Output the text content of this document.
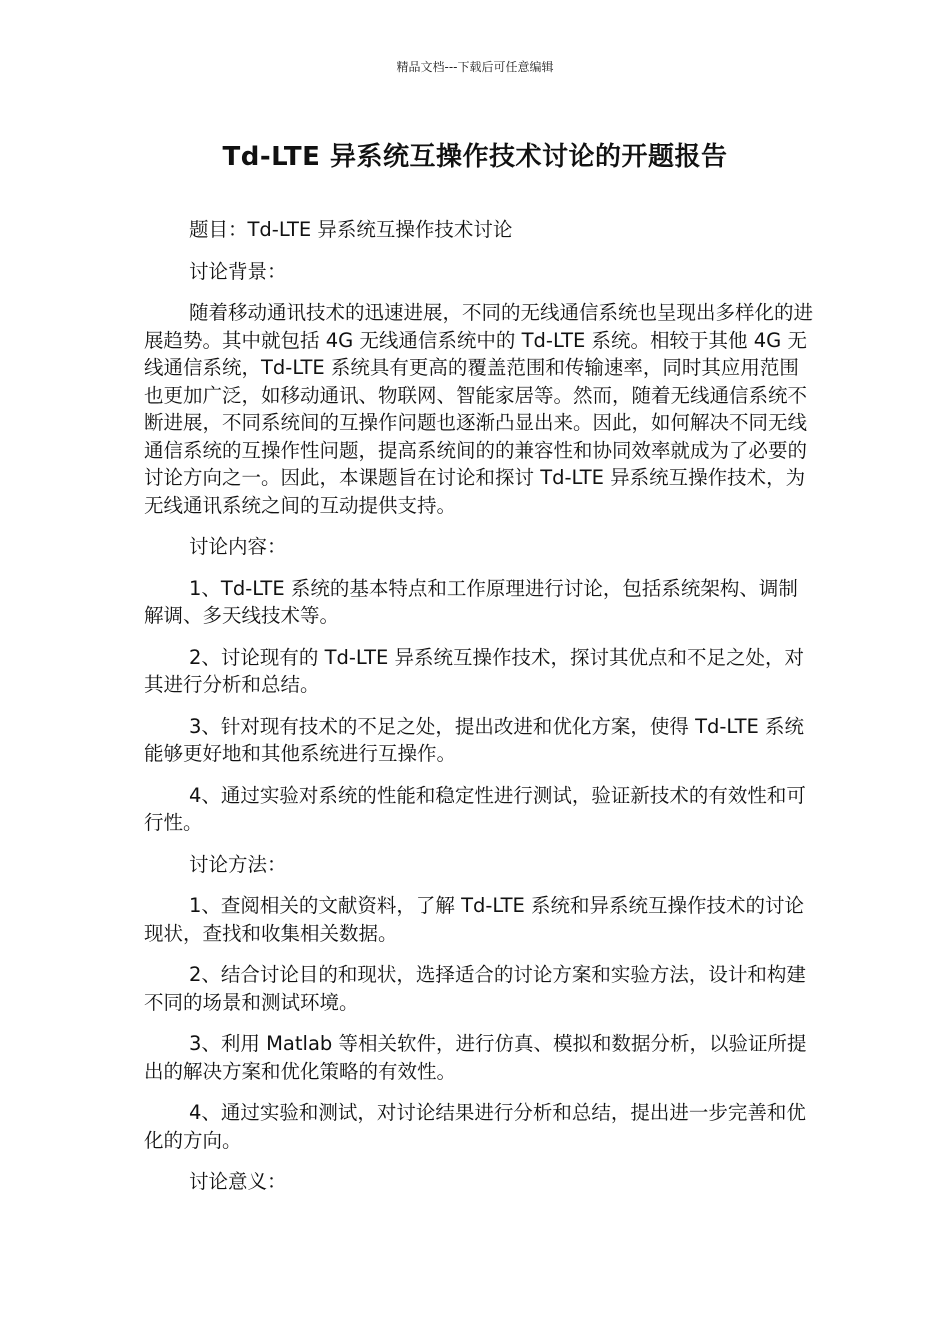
精品文档---下载后可任意编辑
Td-LTE 异系统互操作技术讨论的开题报告

题目：Td-LTE 异系统互操作技术讨论

讨论背景：

随着移动通讯技术的迅速进展，不同的无线通信系统也呈现出多样化的进展趋势。其中就包括 4G 无线通信系统中的 Td-LTE 系统。相较于其他 4G 无线通信系统，Td-LTE 系统具有更高的覆盖范围和传输速率，同时其应用范围也更加广泛，如移动通讯、物联网、智能家居等。然而，随着无线通信系统不断进展，不同系统间的互操作问题也逐渐凸显出来。因此，如何解决不同无线通信系统的互操作性问题，提高系统间的的兼容性和协同效率就成为了必要的讨论方向之一。因此，本课题旨在讨论和探讨 Td-LTE 异系统互操作技术，为无线通讯系统之间的互动提供支持。

讨论内容：

1、Td-LTE 系统的基本特点和工作原理进行讨论，包括系统架构、调制解调、多天线技术等。

2、讨论现有的 Td-LTE 异系统互操作技术，探讨其优点和不足之处，对其进行分析和总结。

3、针对现有技术的不足之处，提出改进和优化方案，使得 Td-LTE 系统能够更好地和其他系统进行互操作。

4、通过实验对系统的性能和稳定性进行测试，验证新技术的有效性和可行性。

讨论方法：

1、查阅相关的文献资料，了解 Td-LTE 系统和异系统互操作技术的讨论现状，查找和收集相关数据。

2、结合讨论目的和现状，选择适合的讨论方案和实验方法，设计和构建不同的场景和测试环境。

3、利用 Matlab 等相关软件，进行仿真、模拟和数据分析，以验证所提出的解决方案和优化策略的有效性。

4、通过实验和测试，对讨论结果进行分析和总结，提出进一步完善和优化的方向。

讨论意义：
